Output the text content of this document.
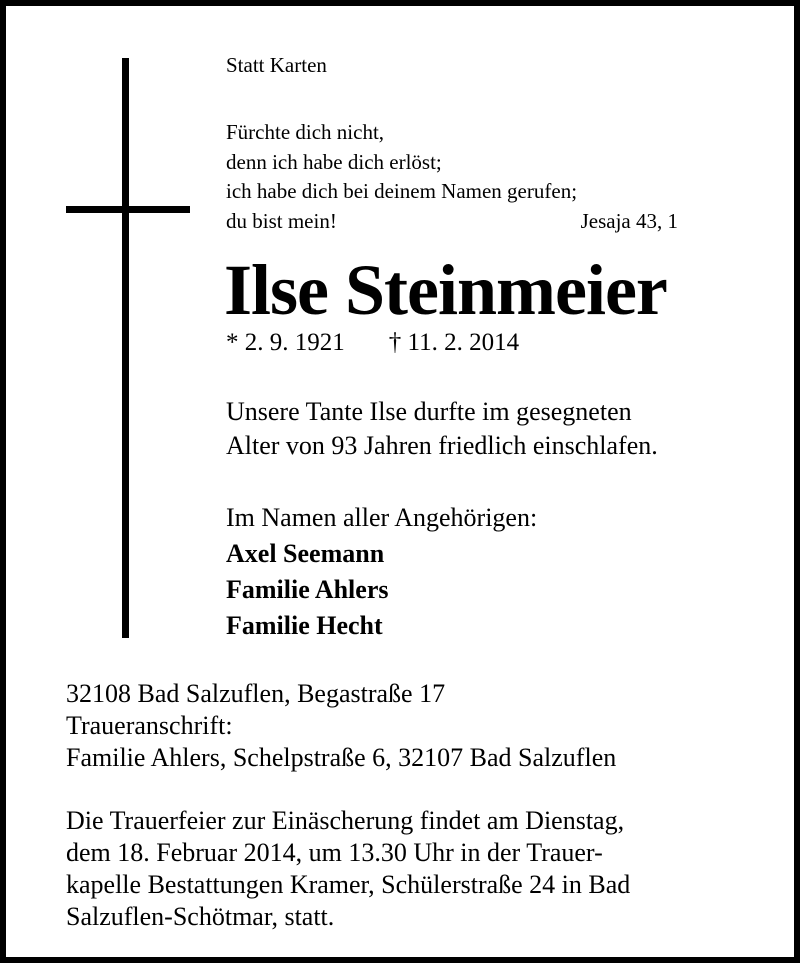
Statt Karten
Fürchte dich nicht,
denn ich habe dich erlöst;
ich habe dich bei deinem Namen gerufen;
du bist mein!	Jesaja 43, 1
Ilse Steinmeier
* 2. 9. 1921 † 11. 2. 2014
Unsere Tante Ilse durfte im gesegneten
Alter von 93 Jahren friedlich einschlafen.
Im Namen aller Angehörigen:
Axel Seemann
Familie Ahlers
Familie Hecht
32108 Bad Salzuflen, Begastraße 17
Traueranschrift:
Familie Ahlers, Schelpstraße 6, 32107 Bad Salzuflen
Die Trauerfeier zur Einäscherung findet am Dienstag,
dem 18. Februar 2014, um 13.30 Uhr in der Trauer-
kapelle Bestattungen Kramer, Schülerstraße 24 in Bad
Salzuflen-Schötmar, statt.
